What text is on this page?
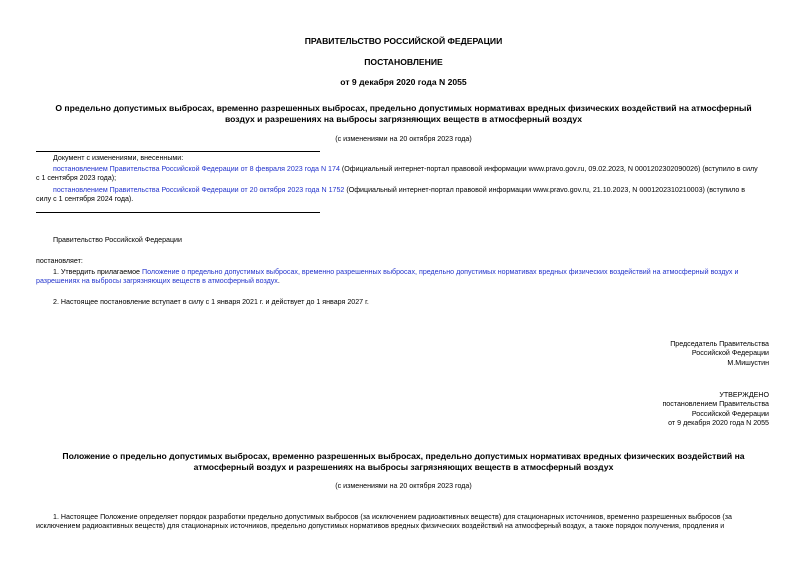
ПРАВИТЕЛЬСТВО РОССИЙСКОЙ ФЕДЕРАЦИИ
ПОСТАНОВЛЕНИЕ
от 9 декабря 2020 года N 2055
О предельно допустимых выбросах, временно разрешенных выбросах, предельно допустимых нормативах вредных физических воздействий на атмосферный
воздух и разрешениях на выбросы загрязняющих веществ в атмосферный воздух
(с изменениями на 20 октября 2023 года)
Документ с изменениями, внесенными:
постановлением Правительства Российской Федерации от 8 февраля 2023 года N 174 (Официальный интернет-портал правовой информации www.pravo.gov.ru, 09.02.2023, N 0001202302090026) (вступило в силу
с 1 сентября 2023 года);
постановлением Правительства Российской Федерации от 20 октября 2023 года N 1752 (Официальный интернет-портал правовой информации www.pravo.gov.ru, 21.10.2023, N 0001202310210003) (вступило в
силу с 1 сентября 2024 года).
Правительство Российской Федерации
постановляет:
1. Утвердить прилагаемое Положение о предельно допустимых выбросах, временно разрешенных выбросах, предельно допустимых нормативах вредных физических воздействий на атмосферный воздух и
разрешениях на выбросы загрязняющих веществ в атмосферный воздух.
2. Настоящее постановление вступает в силу с 1 января 2021 г. и действует до 1 января 2027 г.
Председатель Правительства
Российской Федерации
М.Мишустин
УТВЕРЖДЕНО
постановлением Правительства
Российской Федерации
от 9 декабря 2020 года N 2055
Положение о предельно допустимых выбросах, временно разрешенных выбросах, предельно допустимых нормативах вредных физических воздействий на
атмосферный воздух и разрешениях на выбросы загрязняющих веществ в атмосферный воздух
(с изменениями на 20 октября 2023 года)
1. Настоящее Положение определяет порядок разработки предельно допустимых выбросов (за исключением радиоактивных веществ) для стационарных источников, временно разрешенных выбросов (за
исключением радиоактивных веществ) для стационарных источников, предельно допустимых нормативов вредных физических воздействий на атмосферный воздух, а также порядок получения, продления и
